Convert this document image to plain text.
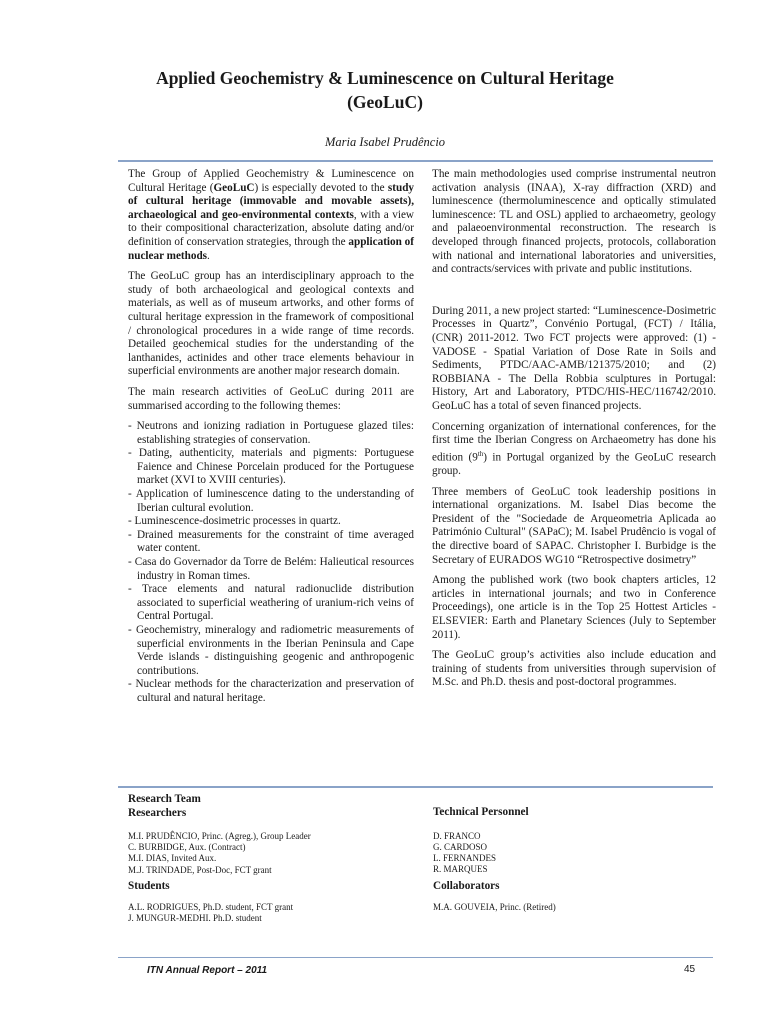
Applied Geochemistry & Luminescence on Cultural Heritage
(GeoLuC)
Maria Isabel Prudêncio

The Group of Applied Geochemistry & Luminescence on Cultural Heritage (GeoLuC) is especially devoted to the study of cultural heritage (immovable and movable assets), archaeological and geo-environmental contexts, with a view to their compositional characterization, absolute dating and/or definition of conservation strategies, through the application of nuclear methods.

The GeoLuC group has an interdisciplinary approach to the study of both archaeological and geological contexts and materials, as well as of museum artworks, and other forms of cultural heritage expression in the framework of compositional / chronological procedures in a wide range of time records. Detailed geochemical studies for the understanding of the lanthanides, actinides and other trace elements behaviour in superficial environments are another major research domain.

The main research activities of GeoLuC during 2011 are summarised according to the following themes:

- Neutrons and ionizing radiation in Portuguese glazed tiles: establishing strategies of conservation.
- Dating, authenticity, materials and pigments: Portuguese Faience and Chinese Porcelain produced for the Portuguese market (XVI to XVIII centuries).
- Application of luminescence dating to the understanding of Iberian cultural evolution.
- Luminescence-dosimetric processes in quartz.
- Drained measurements for the constraint of time averaged water content.
- Casa do Governador da Torre de Belém: Halieutical resources industry in Roman times.
- Trace elements and natural radionuclide distribution associated to superficial weathering of uranium-rich veins of Central Portugal.
- Geochemistry, mineralogy and radiometric measurements of superficial environments in the Iberian Peninsula and Cape Verde islands - distinguishing geogenic and anthropogenic contributions.
- Nuclear methods for the characterization and preservation of cultural and natural heritage.

The main methodologies used comprise instrumental neutron activation analysis (INAA), X-ray diffraction (XRD) and luminescence (thermoluminescence and optically stimulated luminescence: TL and OSL) applied to archaeometry, geology and palaeoenvironmental reconstruction. The research is developed through financed projects, protocols, collaboration with national and international laboratories and universities, and contracts/services with private and public institutions.

During 2011, a new project started: “Luminescence-Dosimetric Processes in Quartz”, Convénio Portugal, (FCT) / Itália, (CNR) 2011-2012. Two FCT projects were approved: (1) - VADOSE - Spatial Variation of Dose Rate in Soils and Sediments, PTDC/AAC-AMB/121375/2010; and (2) ROBBIANA - The Della Robbia sculptures in Portugal: History, Art and Laboratory, PTDC/HIS-HEC/116742/2010. GeoLuC has a total of seven financed projects.

Concerning organization of international conferences, for the first time the Iberian Congress on Archaeometry has done his edition (9th) in Portugal organized by the GeoLuC research group.

Three members of GeoLuC took leadership positions in international organizations. M. Isabel Dias become the President of the "Sociedade de Arqueometria Aplicada ao Património Cultural" (SAPaC); M. Isabel Prudêncio is vogal of the directive board of SAPAC. Christopher I. Burbidge is the Secretary of EURADOS WG10 “Retrospective dosimetry”

Among the published work (two book chapters articles, 12 articles in international journals; and two in Conference Proceedings), one article is in the Top 25 Hottest Articles - ELSEVIER: Earth and Planetary Sciences (July to September 2011).

The GeoLuC group’s activities also include education and training of students from universities through supervision of M.Sc. and Ph.D. thesis and post-doctoral programmes.

Research Team
Researchers
M.I. PRUDÊNCIO, Princ. (Agreg.), Group Leader
C. BURBIDGE, Aux. (Contract)
M.I. DIAS, Invited Aux.
M.J. TRINDADE, Post-Doc, FCT grant
Technical Personnel
D. FRANCO
G. CARDOSO
L. FERNANDES
R. MARQUES
Students
A.L. RODRIGUES, Ph.D. student, FCT grant
J. MUNGUR-MEDHI. Ph.D. student
Collaborators
M.A. GOUVEIA, Princ. (Retired)
ITN Annual Report – 2011	45
